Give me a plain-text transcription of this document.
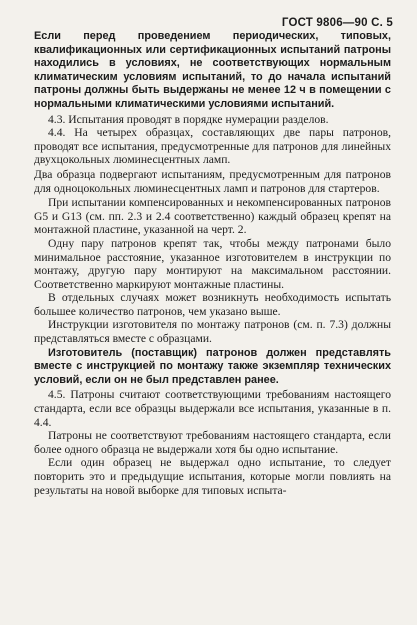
ГОСТ 9806—90 С. 5

Если перед проведением периодических, типовых, квалификационных или сертификационных испытаний патроны находились в условиях, не соответствующих нормальным климатическим условиям испытаний, то до начала испытаний патроны должны быть выдержаны не менее 12 ч в помещении с нормальными климатическими условиями испытаний.

4.3. Испытания проводят в порядке нумерации разделов.

4.4. На четырех образцах, составляющих две пары патронов, проводят все испытания, предусмотренные для патронов для линейных двухцокольных люминесцентных ламп.

Два образца подвергают испытаниям, предусмотренным для патронов для одноцокольных люминесцентных ламп и патронов для стартеров.

При испытании компенсированных и некомпенсированных патронов G5 и G13 (см. пп. 2.3 и 2.4 соответственно) каждый образец крепят на монтажной пластине, указанной на черт. 2.

Одну пару патронов крепят так, чтобы между патронами было минимальное расстояние, указанное изготовителем в инструкции по монтажу, другую пару монтируют на максимальном расстоянии. Соответственно маркируют монтажные пластины.

В отдельных случаях может возникнуть необходимость испытать большее количество патронов, чем указано выше.

Инструкции изготовителя по монтажу патронов (см. п. 7.3) должны представляться вместе с образцами.

Изготовитель (поставщик) патронов должен представлять вместе с инструкцией по монтажу также экземпляр технических условий, если он не был представлен ранее.

4.5. Патроны считают соответствующими требованиям настоящего стандарта, если все образцы выдержали все испытания, указанные в п. 4.4.

Патроны не соответствуют требованиям настоящего стандарта, если более одного образца не выдержали хотя бы одно испытание.

Если один образец не выдержал одно испытание, то следует повторить это и предыдущие испытания, которые могли повлиять на результаты на новой выборке для типовых испыта-
